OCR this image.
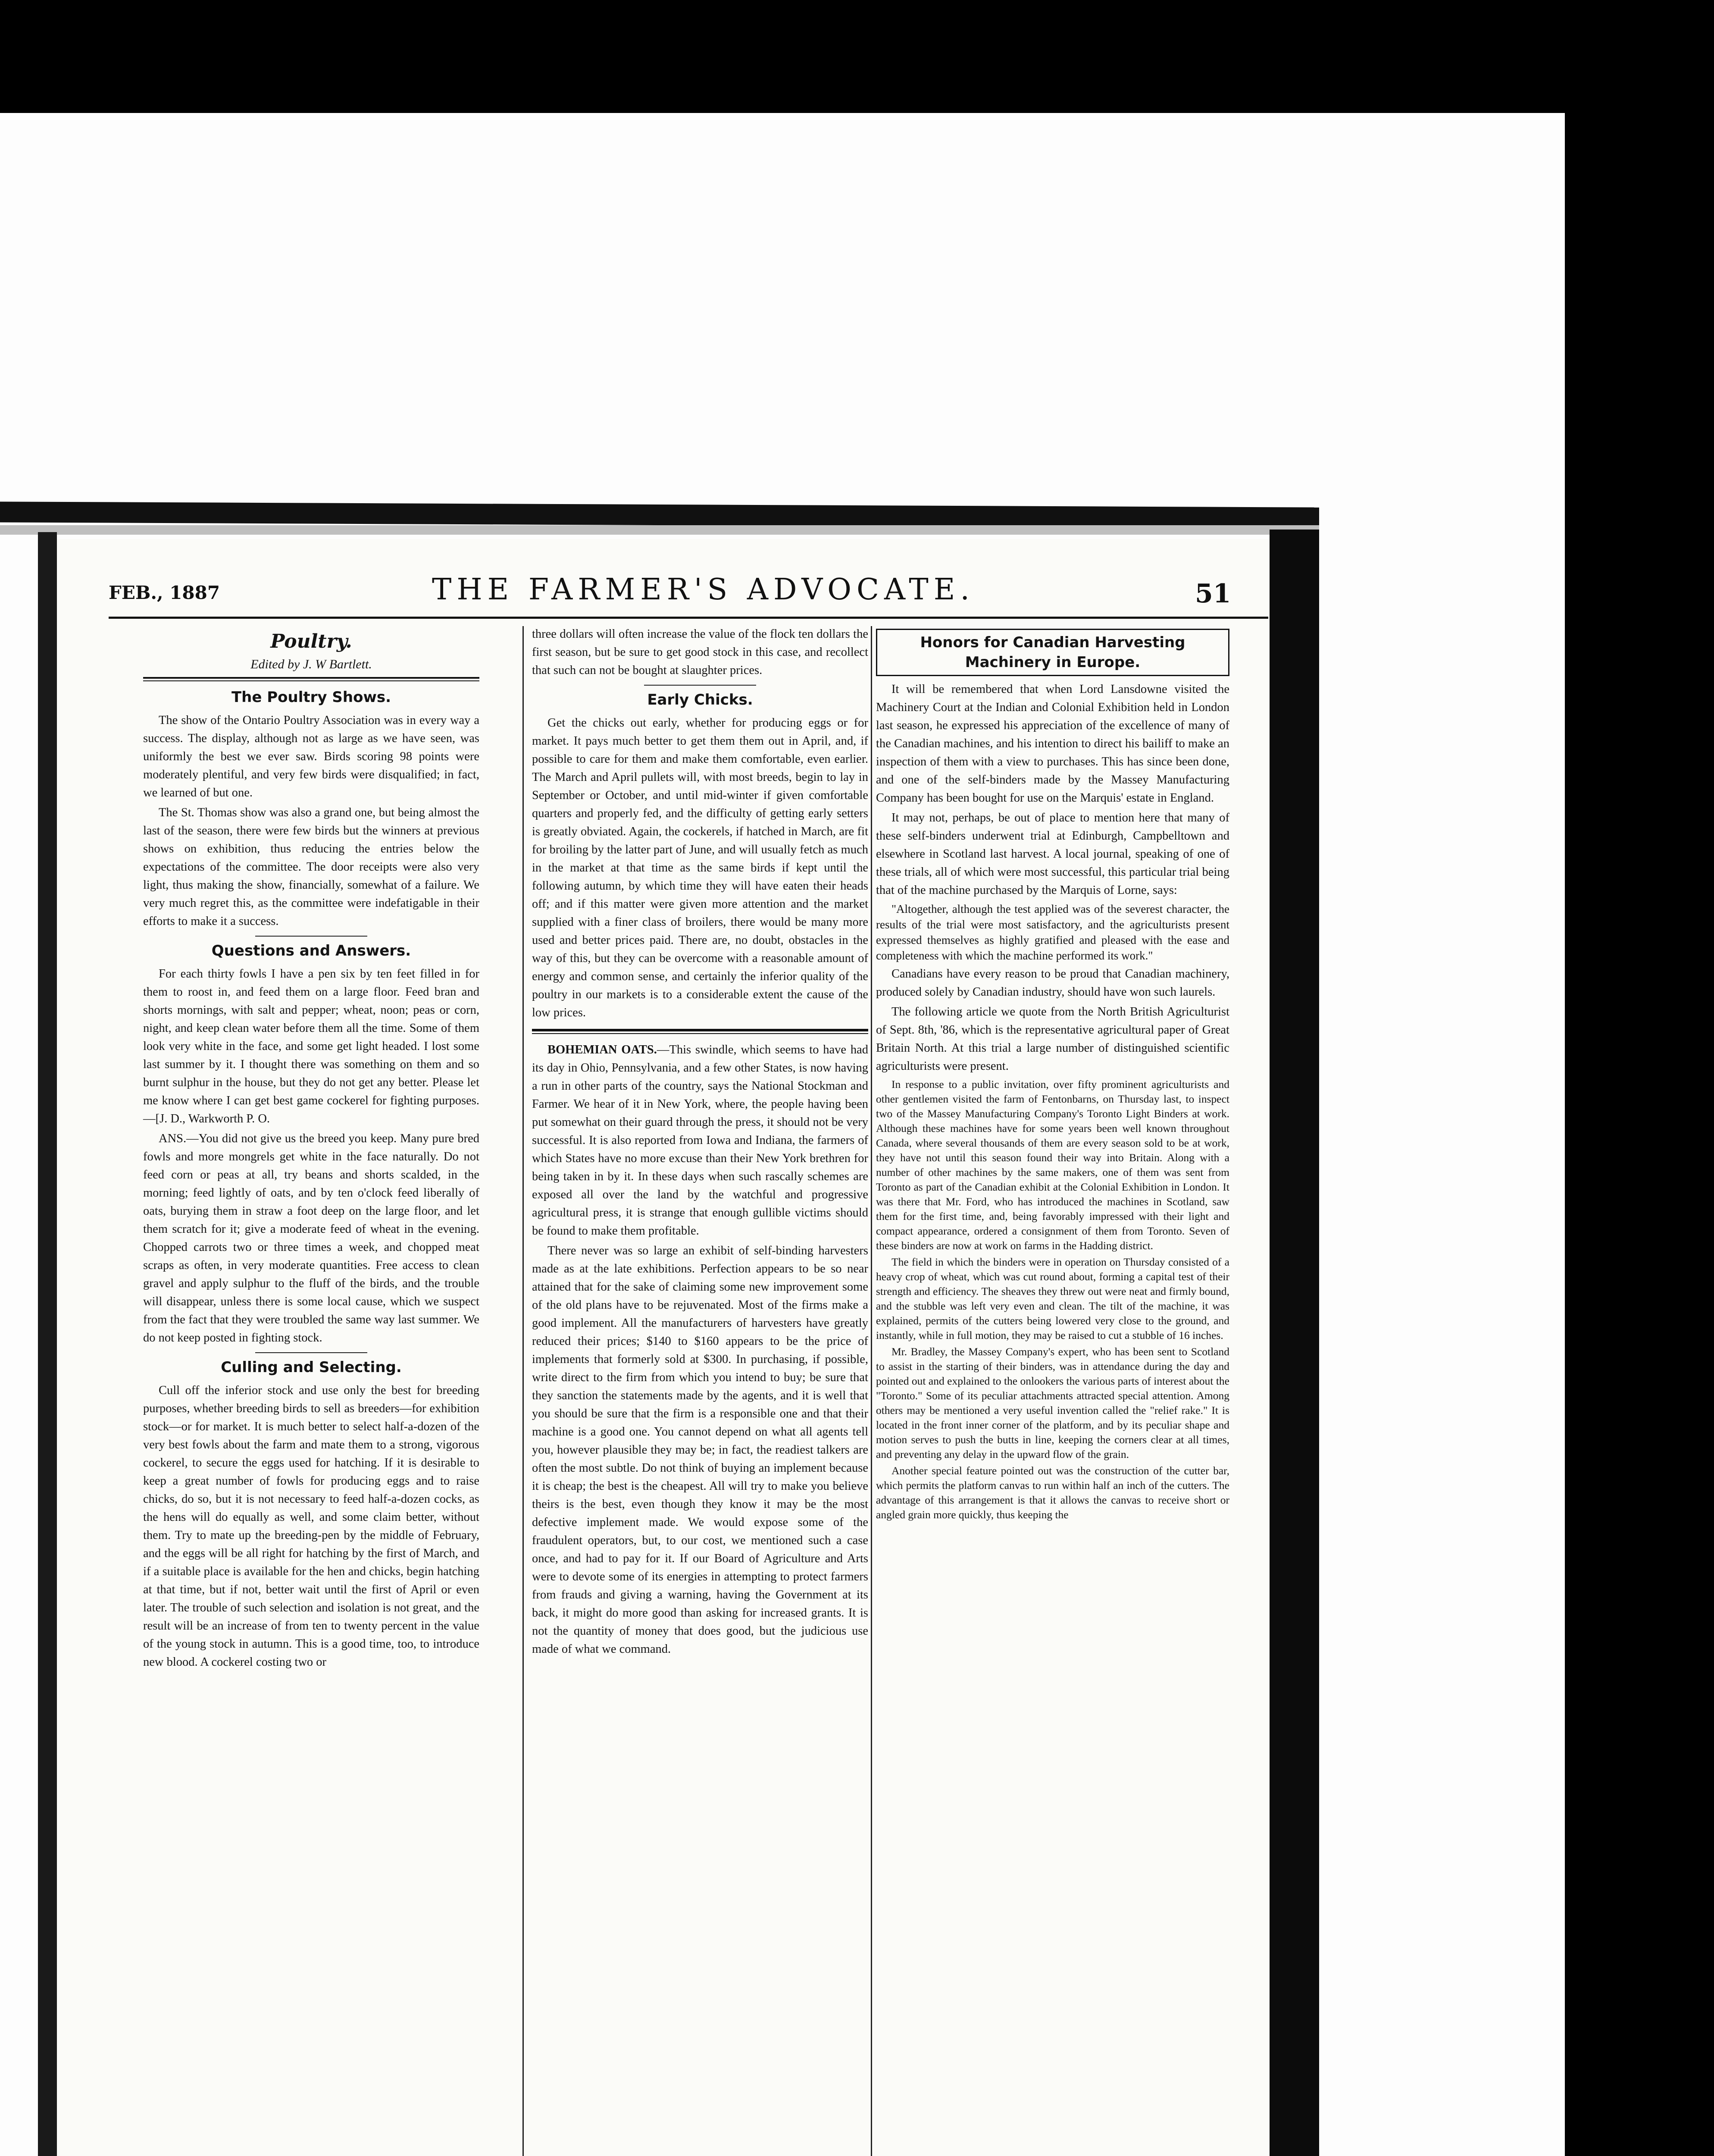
FEB., 1887	THE FARMER'S ADVOCATE.	51
Poultry.
Edited by J. W Bartlett.
The Poultry Shows.

The show of the Ontario Poultry Association was in every way a success. The display, although not as large as we have seen, was uniformly the best we ever saw. Birds scoring 98 points were moderately plentiful, and very few birds were disqualified; in fact, we learned of but one.

The St. Thomas show was also a grand one, but being almost the last of the season, there were few birds but the winners at previous shows on exhibition, thus reducing the entries below the expectations of the committee. The door receipts were also very light, thus making the show, financially, somewhat of a failure. We very much regret this, as the committee were indefatigable in their efforts to make it a success.

Questions and Answers.

For each thirty fowls I have a pen six by ten feet filled in for them to roost in, and feed them on a large floor. Feed bran and shorts mornings, with salt and pepper; wheat, noon; peas or corn, night, and keep clean water before them all the time. Some of them look very white in the face, and some get light headed. I lost some last summer by it. I thought there was something on them and so burnt sulphur in the house, but they do not get any better. Please let me know where I can get best game cockerel for fighting purposes.—[J. D., Warkworth P. O.

ANS.—You did not give us the breed you keep. Many pure bred fowls and more mongrels get white in the face naturally. Do not feed corn or peas at all, try beans and shorts scalded, in the morning; feed lightly of oats, and by ten o'clock feed liberally of oats, burying them in straw a foot deep on the large floor, and let them scratch for it; give a moderate feed of wheat in the evening. Chopped carrots two or three times a week, and chopped meat scraps as often, in very moderate quantities. Free access to clean gravel and apply sulphur to the fluff of the birds, and the trouble will disappear, unless there is some local cause, which we suspect from the fact that they were troubled the same way last summer. We do not keep posted in fighting stock.

Culling and Selecting.

Cull off the inferior stock and use only the best for breeding purposes, whether breeding birds to sell as breeders—for exhibition stock—or for market. It is much better to select half-a-dozen of the very best fowls about the farm and mate them to a strong, vigorous cockerel, to secure the eggs used for hatching. If it is desirable to keep a great number of fowls for producing eggs and to raise chicks, do so, but it is not necessary to feed half-a-dozen cocks, as the hens will do equally as well, and some claim better, without them. Try to mate up the breeding-pen by the middle of February, and the eggs will be all right for hatching by the first of March, and if a suitable place is available for the hen and chicks, begin hatching at that time, but if not, better wait until the first of April or even later. The trouble of such selection and isolation is not great, and the result will be an increase of from ten to twenty percent in the value of the young stock in autumn. This is a good time, too, to introduce new blood. A cockerel costing two or

three dollars will often increase the value of the flock ten dollars the first season, but be sure to get good stock in this case, and recollect that such can not be bought at slaughter prices.

Early Chicks.

Get the chicks out early, whether for producing eggs or for market. It pays much better to get them them out in April, and, if possible to care for them and make them comfortable, even earlier. The March and April pullets will, with most breeds, begin to lay in September or October, and until mid-winter if given comfortable quarters and properly fed, and the difficulty of getting early setters is greatly obviated. Again, the cockerels, if hatched in March, are fit for broiling by the latter part of June, and will usually fetch as much in the market at that time as the same birds if kept until the following autumn, by which time they will have eaten their heads off; and if this matter were given more attention and the market supplied with a finer class of broilers, there would be many more used and better prices paid. There are, no doubt, obstacles in the way of this, but they can be overcome with a reasonable amount of energy and common sense, and certainly the inferior quality of the poultry in our markets is to a considerable extent the cause of the low prices.

BOHEMIAN OATS.—This swindle, which seems to have had its day in Ohio, Pennsylvania, and a few other States, is now having a run in other parts of the country, says the National Stockman and Farmer. We hear of it in New York, where, the people having been put somewhat on their guard through the press, it should not be very successful. It is also reported from Iowa and Indiana, the farmers of which States have no more excuse than their New York brethren for being taken in by it. In these days when such rascally schemes are exposed all over the land by the watchful and progressive agricultural press, it is strange that enough gullible victims should be found to make them profitable.

There never was so large an exhibit of self-binding harvesters made as at the late exhibitions. Perfection appears to be so near attained that for the sake of claiming some new improvement some of the old plans have to be rejuvenated. Most of the firms make a good implement. All the manufacturers of harvesters have greatly reduced their prices; $140 to $160 appears to be the price of implements that formerly sold at $300. In purchasing, if possible, write direct to the firm from which you intend to buy; be sure that they sanction the statements made by the agents, and it is well that you should be sure that the firm is a responsible one and that their machine is a good one. You cannot depend on what all agents tell you, however plausible they may be; in fact, the readiest talkers are often the most subtle. Do not think of buying an implement because it is cheap; the best is the cheapest. All will try to make you believe theirs is the best, even though they know it may be the most defective implement made. We would expose some of the fraudulent operators, but, to our cost, we mentioned such a case once, and had to pay for it. If our Board of Agriculture and Arts were to devote some of its energies in attempting to protect farmers from frauds and giving a warning, having the Government at its back, it might do more good than asking for increased grants. It is not the quantity of money that does good, but the judicious use made of what we command.

Honors for Canadian Harvesting
Machinery in Europe.

It will be remembered that when Lord Lansdowne visited the Machinery Court at the Indian and Colonial Exhibition held in London last season, he expressed his appreciation of the excellence of many of the Canadian machines, and his intention to direct his bailiff to make an inspection of them with a view to purchases. This has since been done, and one of the self-binders made by the Massey Manufacturing Company has been bought for use on the Marquis' estate in England.

It may not, perhaps, be out of place to mention here that many of these self-binders underwent trial at Edinburgh, Campbelltown and elsewhere in Scotland last harvest. A local journal, speaking of one of these trials, all of which were most successful, this particular trial being that of the machine purchased by the Marquis of Lorne, says:

"Altogether, although the test applied was of the severest character, the results of the trial were most satisfactory, and the agriculturists present expressed themselves as highly gratified and pleased with the ease and completeness with which the machine performed its work."

Canadians have every reason to be proud that Canadian machinery, produced solely by Canadian industry, should have won such laurels.

The following article we quote from the North British Agriculturist of Sept. 8th, '86, which is the representative agricultural paper of Great Britain North. At this trial a large number of distinguished scientific agriculturists were present.

In response to a public invitation, over fifty prominent agriculturists and other gentlemen visited the farm of Fentonbarns, on Thursday last, to inspect two of the Massey Manufacturing Company's Toronto Light Binders at work. Although these machines have for some years been well known throughout Canada, where several thousands of them are every season sold to be at work, they have not until this season found their way into Britain. Along with a number of other machines by the same makers, one of them was sent from Toronto as part of the Canadian exhibit at the Colonial Exhibition in London. It was there that Mr. Ford, who has introduced the machines in Scotland, saw them for the first time, and, being favorably impressed with their light and compact appearance, ordered a consignment of them from Toronto. Seven of these binders are now at work on farms in the Hadding district.

The field in which the binders were in operation on Thursday consisted of a heavy crop of wheat, which was cut round about, forming a capital test of their strength and efficiency. The sheaves they threw out were neat and firmly bound, and the stubble was left very even and clean. The tilt of the machine, it was explained, permits of the cutters being lowered very close to the ground, and instantly, while in full motion, they may be raised to cut a stubble of 16 inches.

Mr. Bradley, the Massey Company's expert, who has been sent to Scotland to assist in the starting of their binders, was in attendance during the day and pointed out and explained to the onlookers the various parts of interest about the "Toronto." Some of its peculiar attachments attracted special attention. Among others may be mentioned a very useful invention called the "relief rake." It is located in the front inner corner of the platform, and by its peculiar shape and motion serves to push the butts in line, keeping the corners clear at all times, and preventing any delay in the upward flow of the grain.

Another special feature pointed out was the construction of the cutter bar, which permits the platform canvas to run within half an inch of the cutters. The advantage of this arrangement is that it allows the canvas to receive short or angled grain more quickly, thus keeping the
